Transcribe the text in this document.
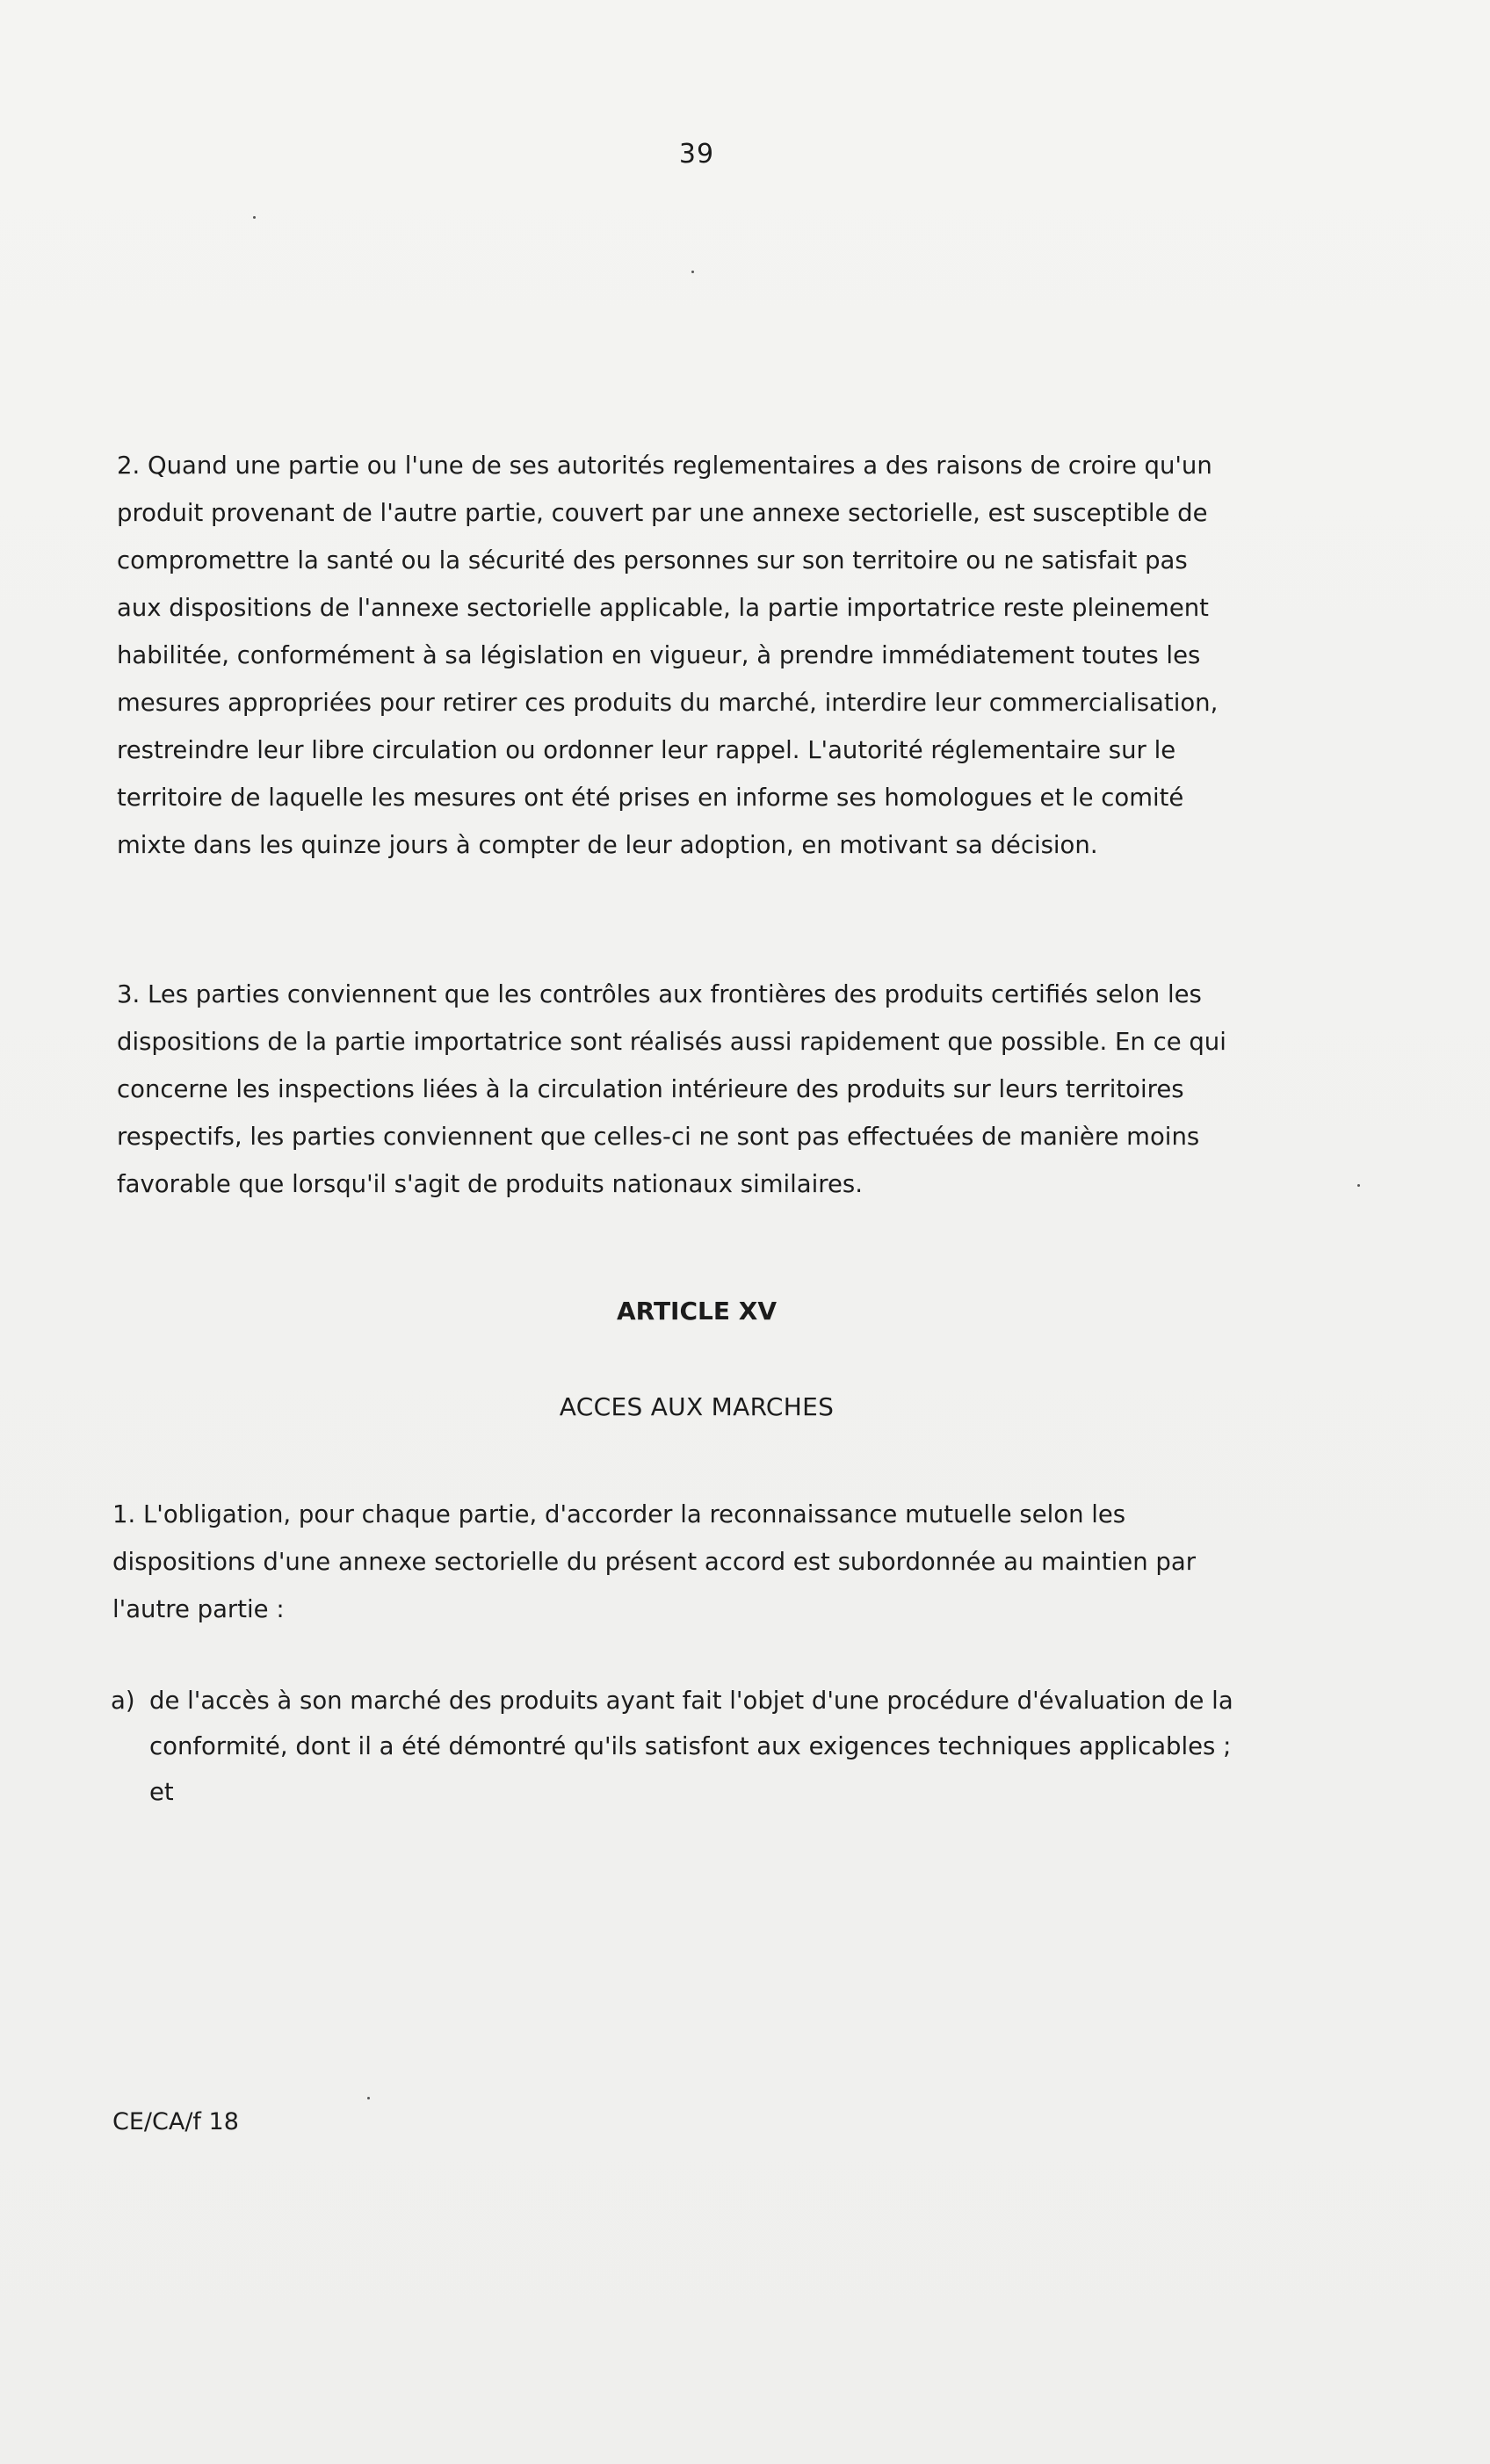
39

2. Quand une partie ou l'une de ses autorités reglementaires a des raisons de croire qu'un produit provenant de l'autre partie, couvert par une annexe sectorielle, est susceptible de compromettre la santé ou la sécurité des personnes sur son territoire ou ne satisfait pas aux dispositions de l'annexe sectorielle applicable, la partie importatrice reste pleinement habilitée, conformément à sa législation en vigueur, à prendre immédiatement toutes les mesures appropriées pour retirer ces produits du marché, interdire leur commercialisation, restreindre leur libre circulation ou ordonner leur rappel. L'autorité réglementaire sur le territoire de laquelle les mesures ont été prises en informe ses homologues et le comité mixte dans les quinze jours à compter de leur adoption, en motivant sa décision.

3. Les parties conviennent que les contrôles aux frontières des produits certifiés selon les dispositions de la partie importatrice sont réalisés aussi rapidement que possible. En ce qui concerne les inspections liées à la circulation intérieure des produits sur leurs territoires respectifs, les parties conviennent que celles-ci ne sont pas effectuées de manière moins favorable que lorsqu'il s'agit de produits nationaux similaires.

ARTICLE XV
ACCES AUX MARCHES

1. L'obligation, pour chaque partie, d'accorder la reconnaissance mutuelle selon les dispositions d'une annexe sectorielle du présent accord est subordonnée au maintien par l'autre partie :

a) de l'accès à son marché des produits ayant fait l'objet d'une procédure d'évaluation de la conformité, dont il a été démontré qu'ils satisfont aux exigences techniques applicables ; et
CE/CA/f 18
